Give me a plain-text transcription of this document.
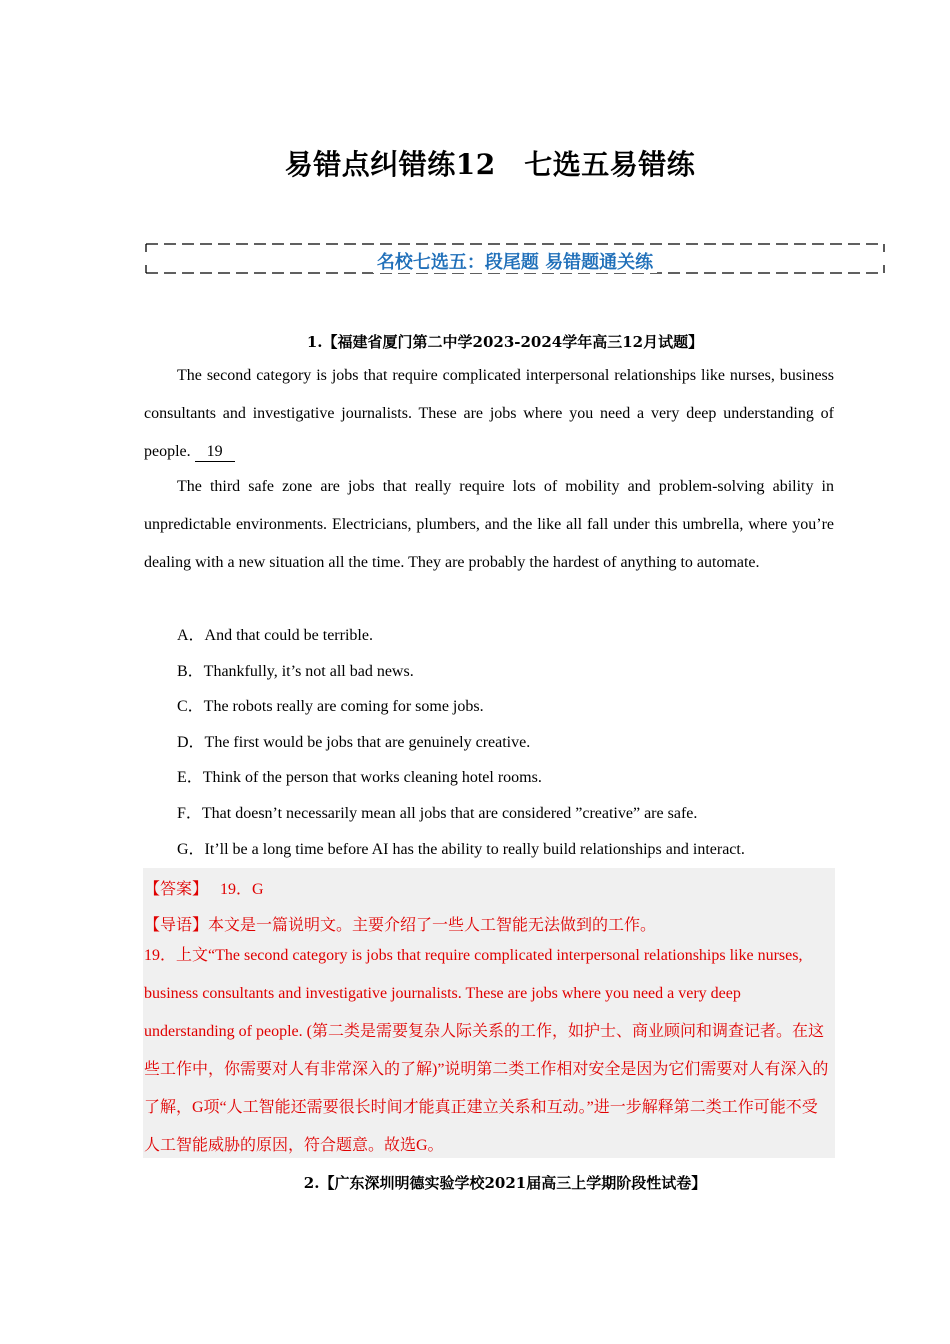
易错点纠错练12　七选五易错练
名校七选五：段尾题 易错题通关练
1.【福建省厦门第二中学2023-2024学年高三12月试题】
The second category is jobs that require complicated interpersonal relationships like nurses, business consultants and investigative journalists. These are jobs where you need a very deep understanding of people. 19
The third safe zone are jobs that really require lots of mobility and problem-solving ability in unpredictable environments. Electricians, plumbers, and the like all fall under this umbrella, where you’re dealing with a new situation all the time. They are probably the hardest of anything to automate.
A．And that could be terrible.
B．Thankfully, it’s not all bad news.
C．The robots really are coming for some jobs.
D．The first would be jobs that are genuinely creative.
E．Think of the person that works cleaning hotel rooms.
F．That doesn’t necessarily mean all jobs that are considered ”creative” are safe.
G．It’ll be a long time before AI has the ability to really build relationships and interact.
【答案】　 19．G
【导语】本文是一篇说明文。主要介绍了一些人工智能无法做到的工作。
19．上文“The second category is jobs that require complicated interpersonal relationships like nurses, business consultants and investigative journalists. These are jobs where you need a very deep understanding of people. (第二类是需要复杂人际关系的工作，如护士、商业顾问和调查记者。在这些工作中，你需要对人有非常深入的了解)”说明第二类工作相对安全是因为它们需要对人有深入的了解，G项“人工智能还需要很长时间才能真正建立关系和互动。”进一步解释第二类工作可能不受人工智能威胁的原因，符合题意。故选G。
2.【广东深圳明德实验学校2021届高三上学期阶段性试卷】
